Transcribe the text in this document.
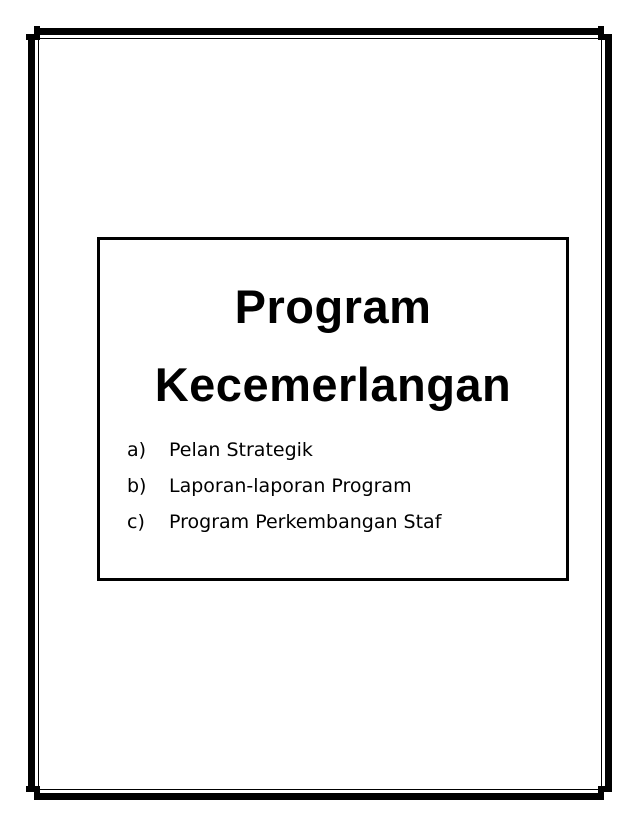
Program
Kecemerlangan
a)	Pelan Strategik
b)	Laporan-laporan Program
c)	Program Perkembangan Staf
